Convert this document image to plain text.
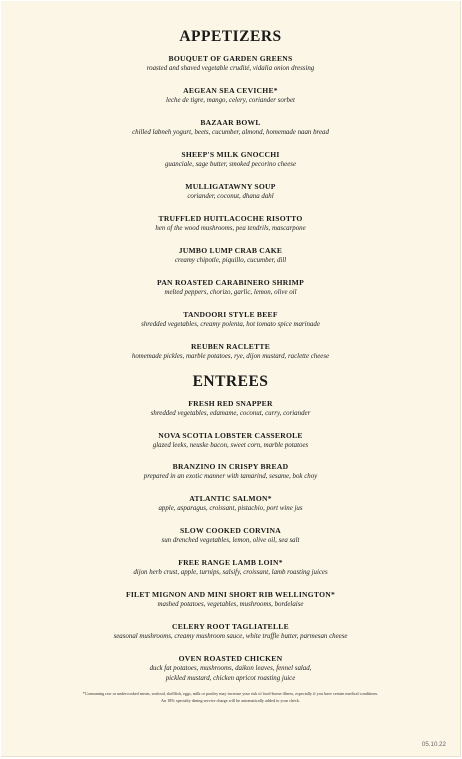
APPETIZERS
BOUQUET OF GARDEN GREENS
roasted and shaved vegetable crudité, vidalia onion dressing
AEGEAN SEA CEVICHE*
leche de tigre, mango, celery, coriander sorbet
BAZAAR BOWL
chilled labneh yogurt, beets, cucumber, almond, homemade naan bread
SHEEP'S MILK GNOCCHI
guanciale, sage butter, smoked pecorino cheese
MULLIGATAWNY SOUP
coriander, coconut, dhana dahl
TRUFFLED HUITLACOCHE RISOTTO
hen of the wood mushrooms, pea tendrils, mascarpone
JUMBO LUMP CRAB CAKE
creamy chipotle, piquillo, cucumber, dill
PAN ROASTED CARABINERO SHRIMP
melted peppers, chorizo, garlic, lemon, olive oil
TANDOORI STYLE BEEF
shredded vegetables, creamy polenta, hot tomato spice marinade
REUBEN RACLETTE
homemade pickles, marble potatoes, rye, dijon mustard, raclette cheese
ENTREES
FRESH RED SNAPPER
shredded vegetables, edamame, coconut, curry, coriander
NOVA SCOTIA LOBSTER CASSEROLE
glazed leeks, neuske bacon, sweet corn, marble potatoes
BRANZINO IN CRISPY BREAD
prepared in an exotic manner with tamarind, sesame, bok choy
ATLANTIC SALMON*
apple, asparagus, croissant, pistachio, port wine jus
SLOW COOKED CORVINA
sun drenched vegetables, lemon, olive oil, sea salt
FREE RANGE LAMB LOIN*
dijon herb crust, apple, turnips, salsify, croissant, lamb roasting juices
FILET MIGNON AND MINI SHORT RIB WELLINGTON*
mashed potatoes, vegetables, mushrooms, bordelaise
CELERY ROOT TAGLIATELLE
seasonal mushrooms, creamy mushroom sauce, white truffle butter, parmesan cheese
OVEN ROASTED CHICKEN
duck fat potatoes, mushrooms, daikon leaves, fennel salad,
pickled mustard, chicken apricot roasting juice
*Consuming raw or undercooked meats, seafood, shellfish, eggs, milk or poultry may increase your risk of food-borne illness, especially if you have certain medical conditions.
An 18% specialty dining service charge will be automatically added to your check.
05.10.22
